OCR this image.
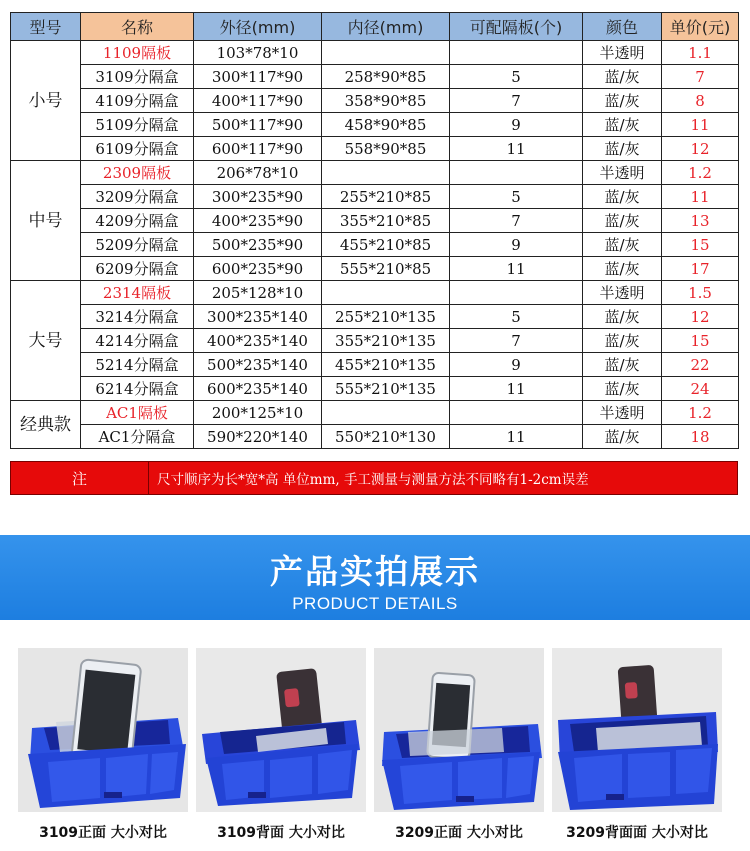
型号	名称	外径(mm)	内径(mm)	可配隔板(个)	颜色	单价(元)
小号	1109隔板	103*78*10			半透明	1.1
	3109分隔盒	300*117*90	258*90*85	5	蓝/灰	7
	4109分隔盒	400*117*90	358*90*85	7	蓝/灰	8
	5109分隔盒	500*117*90	458*90*85	9	蓝/灰	11
	6109分隔盒	600*117*90	558*90*85	11	蓝/灰	12
中号	2309隔板	206*78*10			半透明	1.2
	3209分隔盒	300*235*90	255*210*85	5	蓝/灰	11
	4209分隔盒	400*235*90	355*210*85	7	蓝/灰	13
	5209分隔盒	500*235*90	455*210*85	9	蓝/灰	15
	6209分隔盒	600*235*90	555*210*85	11	蓝/灰	17
大号	2314隔板	205*128*10			半透明	1.5
	3214分隔盒	300*235*140	255*210*135	5	蓝/灰	12
	4214分隔盒	400*235*140	355*210*135	7	蓝/灰	15
	5214分隔盒	500*235*140	455*210*135	9	蓝/灰	22
	6214分隔盒	600*235*140	555*210*135	11	蓝/灰	24
经典款	AC1隔板	200*125*10			半透明	1.2
	AC1分隔盒	590*220*140	550*210*130	11	蓝/灰	18
注	尺寸顺序为长*宽*高 单位mm, 手工测量与测量方法不同略有1-2cm误差
产品实拍展示
PRODUCT DETAILS
3109正面 大小对比	3109背面 大小对比	3209正面 大小对比	3209背面面 大小对比
